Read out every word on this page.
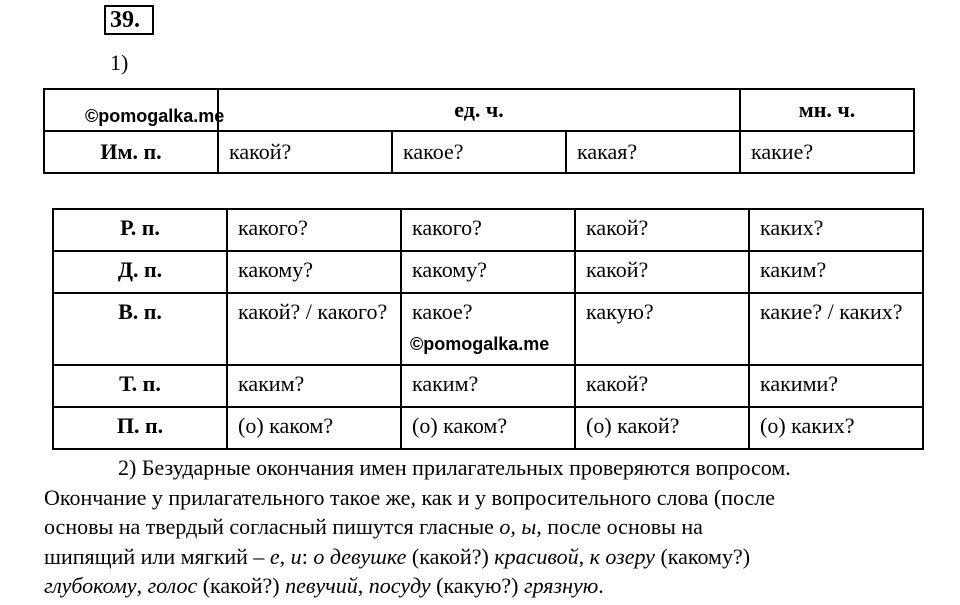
39.
1)
	ед. ч.			мн. ч.
Им. п.	какой?	какое?	какая?	какие?
©pomogalka.me
Р. п.	какого?	какого?	какой?	каких?
Д. п.	какому?	какому?	какой?	каким?
В. п.	какой? / какого?	какое?	какую?	какие? / каких?
Т. п.	каким?	каким?	какой?	какими?
П. п.	(о) каком?	(о) каком?	(о) какой?	(о) каких?
©pomogalka.me
2) Безударные окончания имен прилагательных проверяются вопросом.
Окончание у прилагательного такое же, как и у вопросительного слова (после
основы на твердый согласный пишутся гласные о, ы, после основы на
шипящий или мягкий – е, и: о девушке (какой?) красивой, к озеру (какому?)
глубокому, голос (какой?) певучий, посуду (какую?) грязную.
